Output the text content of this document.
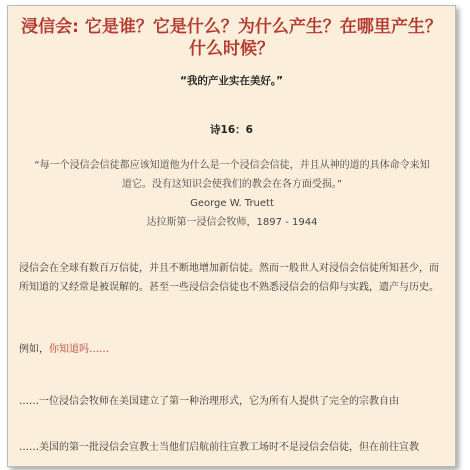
浸信会: 它是谁？它是什么？为什么产生？在哪里产生？什么时候？

“我的产业实在美好。”

诗16：6

“每一个浸信会信徒都应该知道他为什么是一个浸信会信徒，并且从神的道的具体命令来知道它。没有这知识会使我们的教会在各方面受损。”

George W. Truett

达拉斯第一浸信会牧师，1897 - 1944

浸信会在全球有数百万信徒，并且不断地增加新信徒。然而一般世人对浸信会信徒所知甚少，而所知道的又经常是被误解的。甚至一些浸信会信徒也不熟悉浸信会的信仰与实践，遗产与历史。

例如，你知道吗……

……一位浸信会牧师在美国建立了第一种治理形式，它为所有人提供了完全的宗教自由

……美国的第一批浸信会宣教士当他们启航前往宣教工场时不是浸信会信徒，但在前往宣教
